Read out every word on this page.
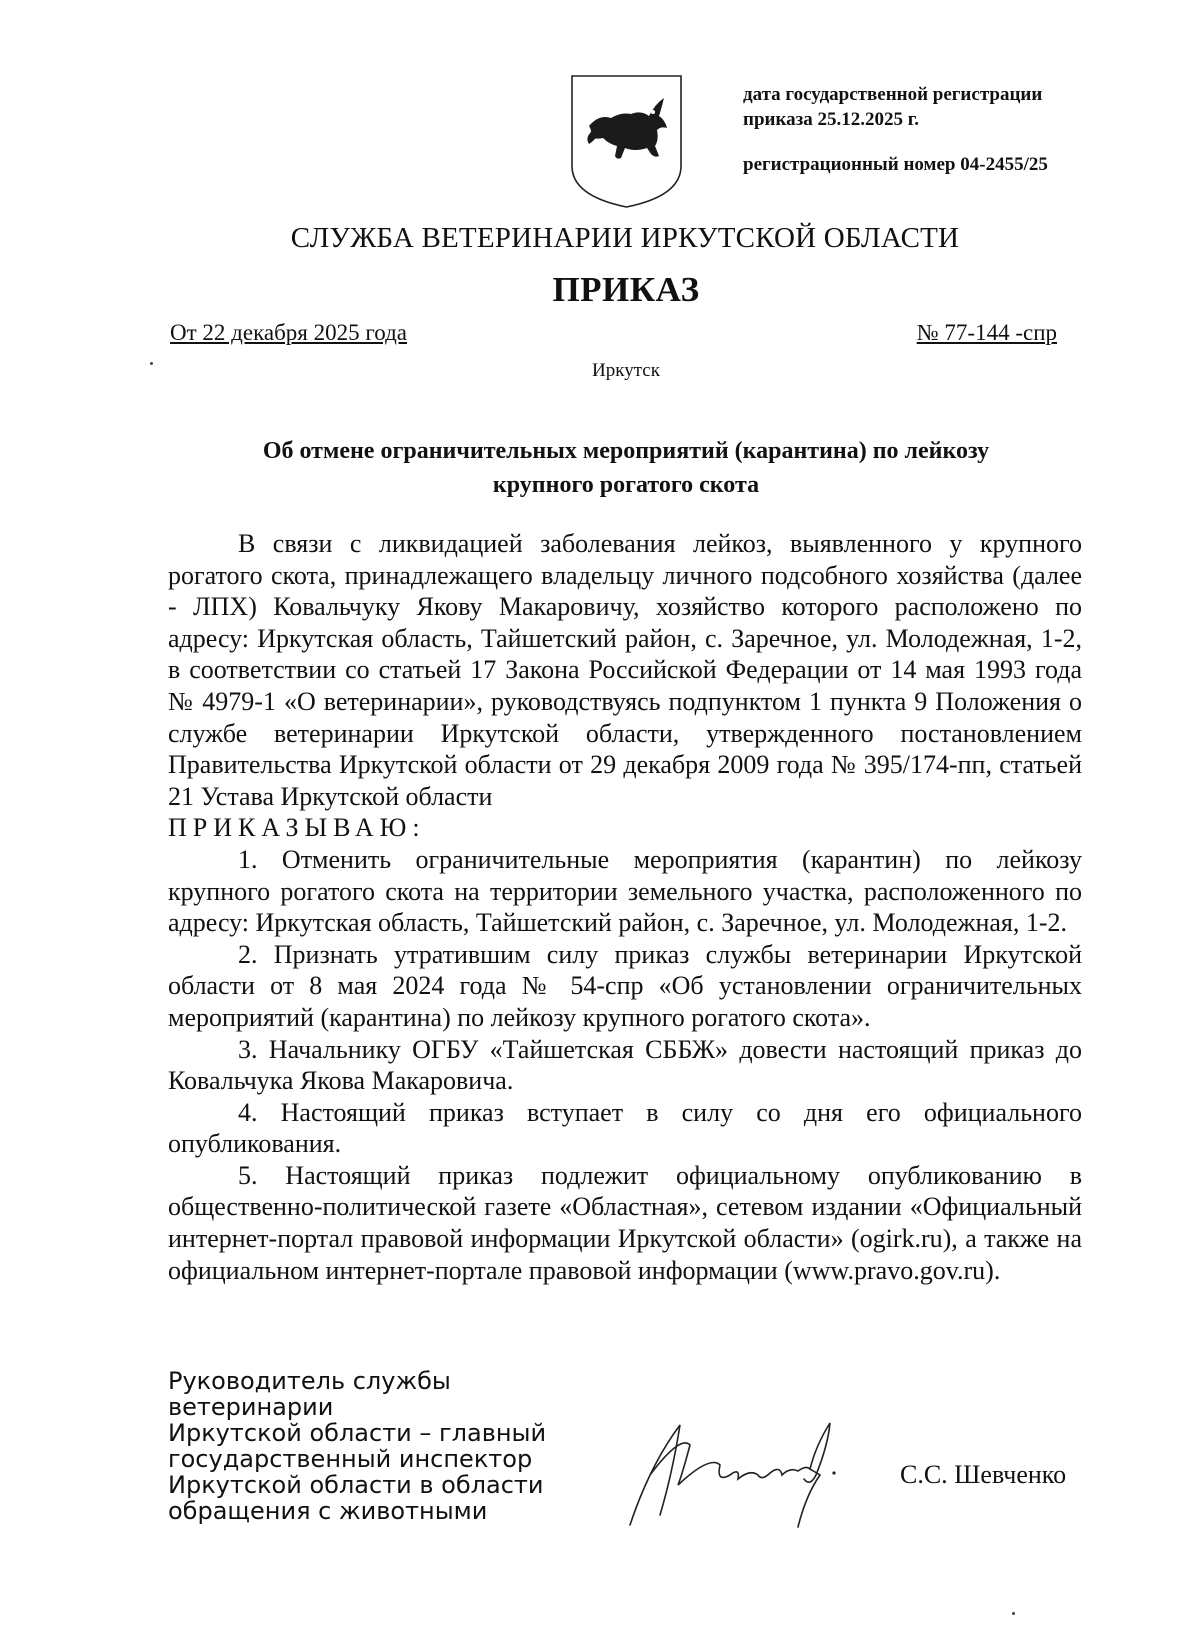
дата государственной регистрации
приказа 25.12.2025 г.
регистрационный номер 04-2455/25
СЛУЖБА ВЕТЕРИНАРИИ ИРКУТСКОЙ ОБЛАСТИ
ПРИКАЗ
От 22 декабря 2025 года	№ 77-144 -спр
Иркутск
Об отмене ограничительных мероприятий (карантина) по лейкозу
крупного рогатого скота

В связи с ликвидацией заболевания лейкоз, выявленного у крупного рогатого скота, принадлежащего владельцу личного подсобного хозяйства (далее - ЛПХ) Ковальчуку Якову Макаровичу, хозяйство которого расположено по адресу: Иркутская область, Тайшетский район, с. Заречное, ул. Молодежная, 1-2, в соответствии со статьей 17 Закона Российской Федерации от 14 мая 1993 года № 4979-1 «О ветеринарии», руководствуясь подпунктом 1 пункта 9 Положения о службе ветеринарии Иркутской области, утвержденного постановлением Правительства Иркутской области от 29 декабря 2009 года № 395/174-пп, статьей 21 Устава Иркутской области

ПРИКАЗЫВАЮ:

1. Отменить ограничительные мероприятия (карантин) по лейкозу крупного рогатого скота на территории земельного участка, расположенного по адресу: Иркутская область, Тайшетский район, с. Заречное, ул. Молодежная, 1-2.

2. Признать утратившим силу приказ службы ветеринарии Иркутской области от 8 мая 2024 года № 54-спр «Об установлении ограничительных мероприятий (карантина) по лейкозу крупного рогатого скота».

3. Начальнику ОГБУ «Тайшетская СББЖ» довести настоящий приказ до Ковальчука Якова Макаровича.

4. Настоящий приказ вступает в силу со дня его официального опубликования.

5. Настоящий приказ подлежит официальному опубликованию в общественно-политической газете «Областная», сетевом издании «Официальный интернет-портал правовой информации Иркутской области» (ogirk.ru), а также на официальном интернет-портале правовой информации (www.pravo.gov.ru).

Руководитель службы ветеринарии
Иркутской области – главный
государственный инспектор
Иркутской области в области
обращения с животными
С.С. Шевченко
